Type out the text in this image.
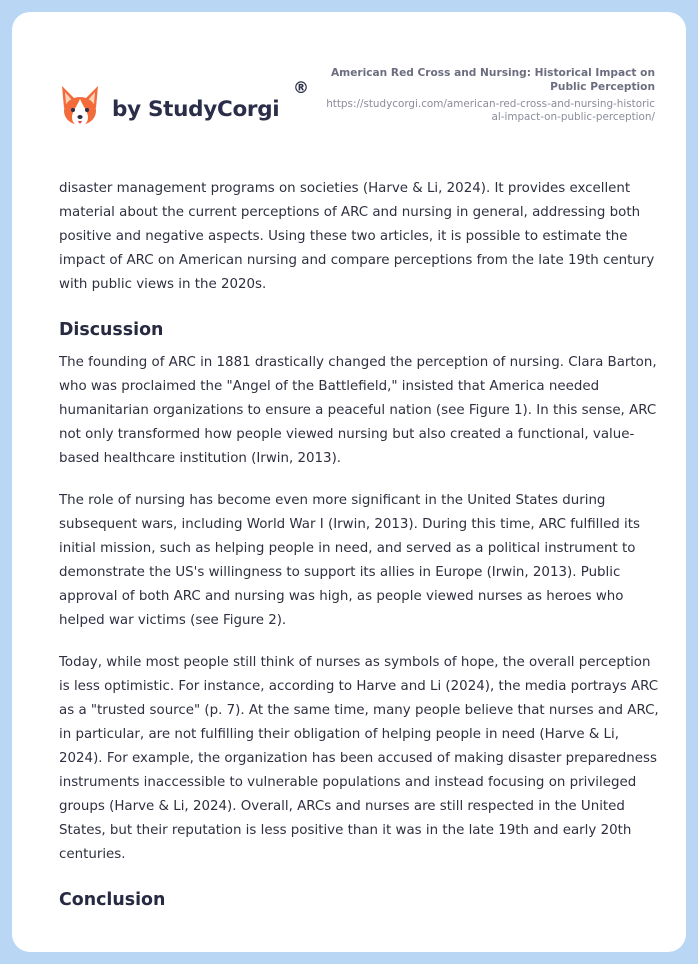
by StudyCorgi
®
American Red Cross and Nursing: Historical Impact on Public Perception
https://studycorgi.com/american-red-cross-and-nursing-historical-impact-on-public-perception/

disaster management programs on societies (Harve & Li, 2024). It provides excellent material about the current perceptions of ARC and nursing in general, addressing both positive and negative aspects. Using these two articles, it is possible to estimate the impact of ARC on American nursing and compare perceptions from the late 19th century with public views in the 2020s.

Discussion

The founding of ARC in 1881 drastically changed the perception of nursing. Clara Barton, who was proclaimed the "Angel of the Battlefield," insisted that America needed humanitarian organizations to ensure a peaceful nation (see Figure 1). In this sense, ARC not only transformed how people viewed nursing but also created a functional, value-based healthcare institution (Irwin, 2013).

The role of nursing has become even more significant in the United States during subsequent wars, including World War I (Irwin, 2013). During this time, ARC fulfilled its initial mission, such as helping people in need, and served as a political instrument to demonstrate the US's willingness to support its allies in Europe (Irwin, 2013). Public approval of both ARC and nursing was high, as people viewed nurses as heroes who helped war victims (see Figure 2).

Today, while most people still think of nurses as symbols of hope, the overall perception is less optimistic. For instance, according to Harve and Li (2024), the media portrays ARC as a "trusted source" (p. 7). At the same time, many people believe that nurses and ARC, in particular, are not fulfilling their obligation of helping people in need (Harve & Li, 2024). For example, the organization has been accused of making disaster preparedness instruments inaccessible to vulnerable populations and instead focusing on privileged groups (Harve & Li, 2024). Overall, ARCs and nurses are still respected in the United States, but their reputation is less positive than it was in the late 19th and early 20th centuries.

Conclusion
